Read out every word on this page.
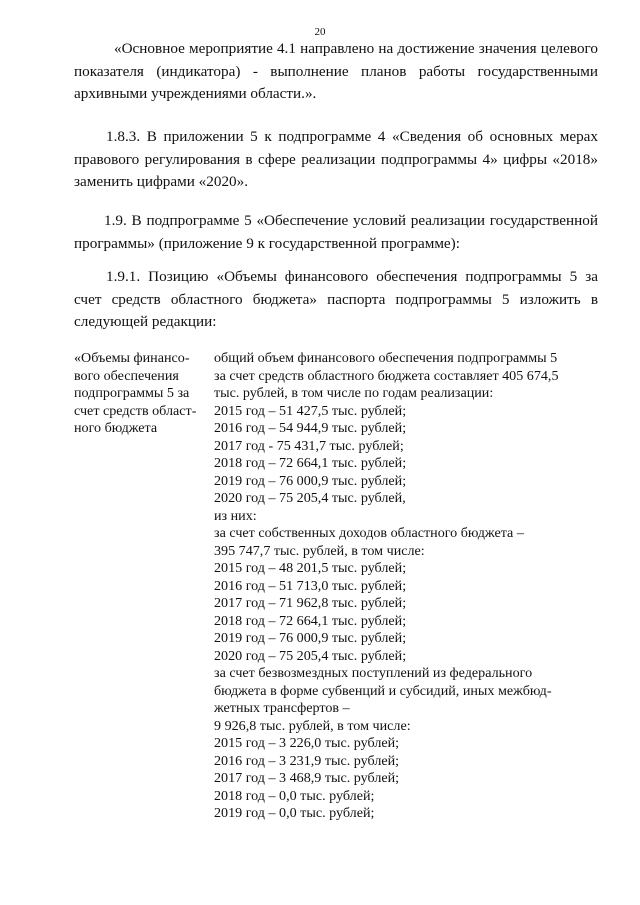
20

«Основное мероприятие 4.1 направлено на достижение значения целевого показателя (индикатора) - выполнение планов работы государственными архивными учреждениями области.».

1.8.3. В приложении 5 к подпрограмме 4 «Сведения об основных мерах правового регулирования в сфере реализации подпрограммы 4» цифры «2018» заменить цифрами «2020».

1.9. В подпрограмме 5 «Обеспечение условий реализации государственной программы» (приложение 9 к государственной программе):

1.9.1. Позицию «Объемы финансового обеспечения подпрограммы 5 за счет средств областного бюджета» паспорта подпрограммы 5 изложить в следующей редакции:

«Объемы финансо-
вого обеспечения
подпрограммы 5 за
счет средств област-
ного бюджета
общий объем финансового обеспечения подпрограммы 5
за счет средств областного бюджета составляет 405 674,5
тыс. рублей, в том числе по годам реализации:
2015 год – 51 427,5 тыс. рублей;
2016 год – 54 944,9 тыс. рублей;
2017 год - 75 431,7 тыс. рублей;
2018 год – 72 664,1 тыс. рублей;
2019 год – 76 000,9 тыс. рублей;
2020 год – 75 205,4 тыс. рублей,
из них:
за счет собственных доходов областного бюджета –
395 747,7 тыс. рублей, в том числе:
2015 год – 48 201,5 тыс. рублей;
2016 год – 51 713,0 тыс. рублей;
2017 год – 71 962,8 тыс. рублей;
2018 год – 72 664,1 тыс. рублей;
2019 год – 76 000,9 тыс. рублей;
2020 год – 75 205,4 тыс. рублей;
за счет безвозмездных поступлений из федерального
бюджета в форме субвенций и субсидий, иных межбюд-
жетных трансфертов –
9 926,8 тыс. рублей, в том числе:
2015 год – 3 226,0 тыс. рублей;
2016 год – 3 231,9 тыс. рублей;
2017 год – 3 468,9 тыс. рублей;
2018 год – 0,0 тыс. рублей;
2019 год – 0,0 тыс. рублей;
